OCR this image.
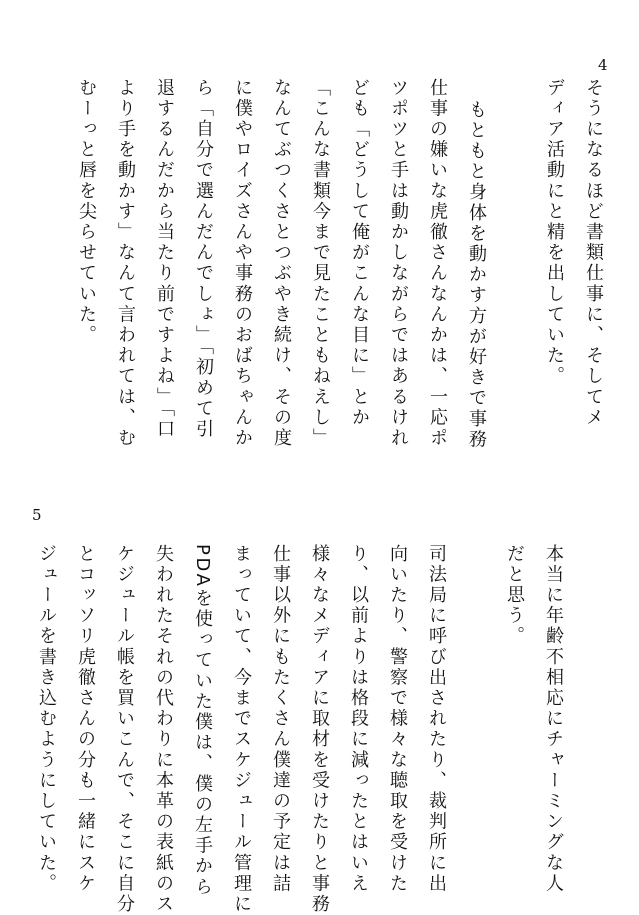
4
そうになるほど書類仕事に、そしてメ
ディア活動にと精を出していた。
もともと身体を動かす方が好きで事務
仕事の嫌いな虎徹さんなんかは、一応ポ
ツポツと手は動かしながらではあるけれ
ども「どうして俺がこんな目に」とか
「こんな書類今まで見たこともねえし」
なんてぶつくさとつぶやき続け、その度
に僕やロイズさんや事務のおばちゃんか
ら「自分で選んだんでしょ」「初めて引
退するんだから当たり前ですよね」「口
より手を動かす」なんて言われては、む
むーっと唇を尖らせていた。
5
本当に年齢不相応にチャーミングな人
だと思う。
司法局に呼び出されたり、裁判所に出
向いたり、警察で様々な聴取を受けた
り、以前よりは格段に減ったとはいえ
様々なメディアに取材を受けたりと事務
仕事以外にもたくさん僕達の予定は詰
まっていて、今までスケジュール管理に
PDAを使っていた僕は、僕の左手から
失われたそれの代わりに本革の表紙のス
ケジュール帳を買いこんで、そこに自分
とコッソリ虎徹さんの分も一緒にスケ
ジュールを書き込むようにしていた。
